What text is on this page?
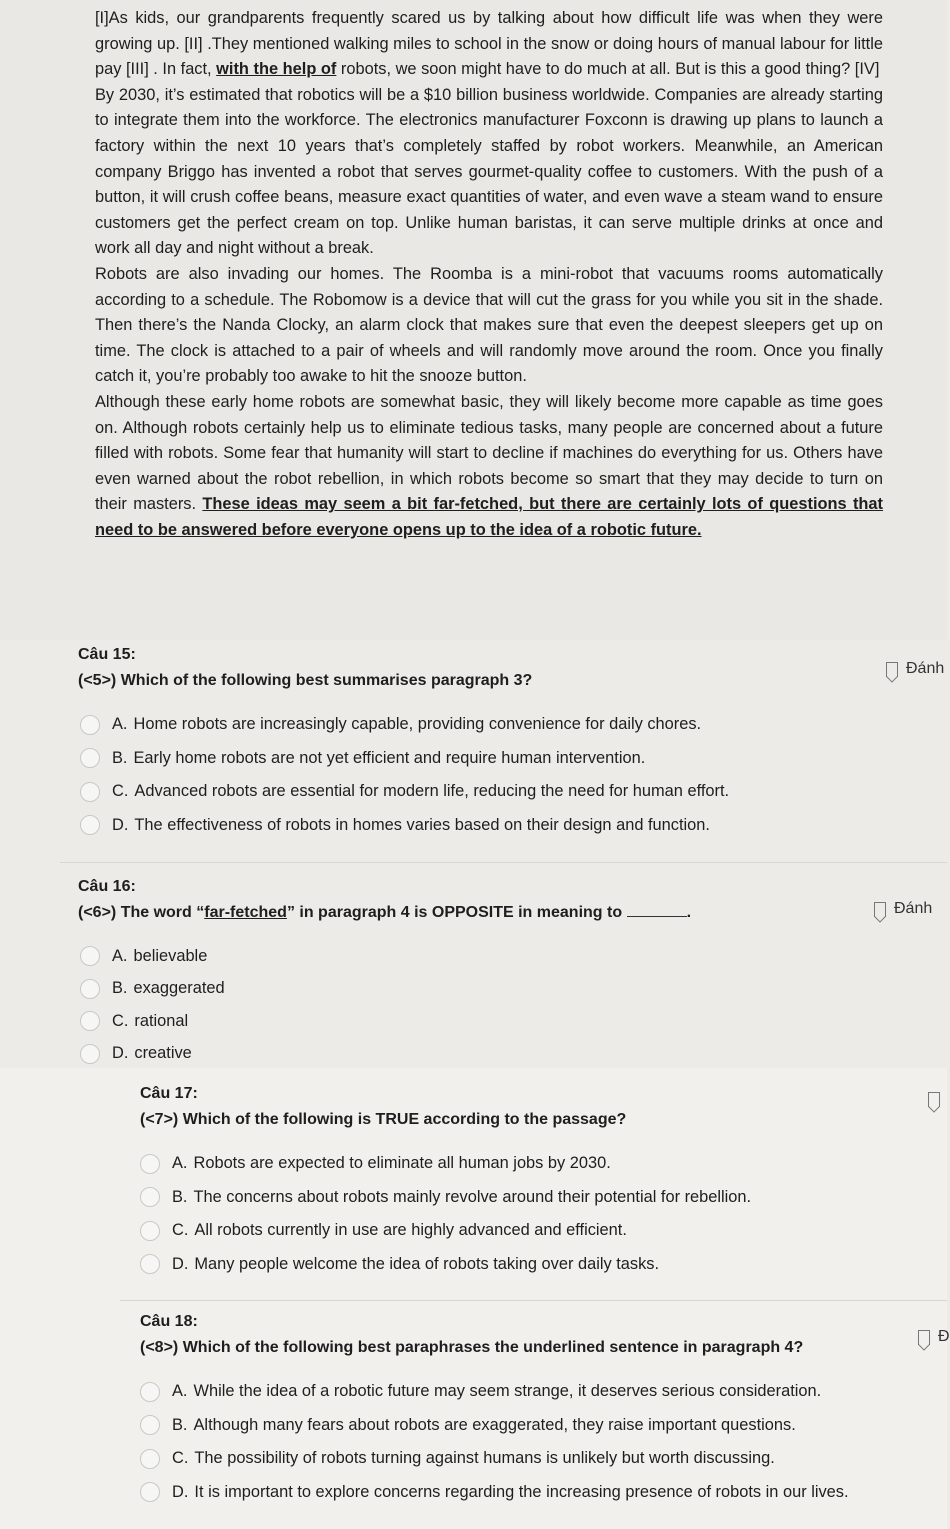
[I]As kids, our grandparents frequently scared us by talking about how difficult life was when they were growing up. [II] .They mentioned walking miles to school in the snow or doing hours of manual labour for little pay [III] . In fact, with the help of robots, we soon might have to do much at all. But is this a good thing? [IV]

By 2030, it’s estimated that robotics will be a $10 billion business worldwide. Companies are already starting to integrate them into the workforce. The electronics manufacturer Foxconn is drawing up plans to launch a factory within the next 10 years that’s completely staffed by robot workers. Meanwhile, an American company Briggo has invented a robot that serves gourmet-quality coffee to customers. With the push of a button, it will crush coffee beans, measure exact quantities of water, and even wave a steam wand to ensure customers get the perfect cream on top. Unlike human baristas, it can serve multiple drinks at once and work all day and night without a break.

Robots are also invading our homes. The Roomba is a mini-robot that vacuums rooms automatically according to a schedule. The Robomow is a device that will cut the grass for you while you sit in the shade. Then there’s the Nanda Clocky, an alarm clock that makes sure that even the deepest sleepers get up on time. The clock is attached to a pair of wheels and will randomly move around the room. Once you finally catch it, you’re probably too awake to hit the snooze button.

Although these early home robots are somewhat basic, they will likely become more capable as time goes on. Although robots certainly help us to eliminate tedious tasks, many people are concerned about a future filled with robots. Some fear that humanity will start to decline if machines do everything for us. Others have even warned about the robot rebellion, in which robots become so smart that they may decide to turn on their masters. These ideas may seem a bit far-fetched, but there are certainly lots of questions that need to be answered before everyone opens up to the idea of a robotic future.

Câu 15:
(<5>) Which of the following best summarises paragraph 3?
A. Home robots are increasingly capable, providing convenience for daily chores.
B. Early home robots are not yet efficient and require human intervention.
C. Advanced robots are essential for modern life, reducing the need for human effort.
D. The effectiveness of robots in homes varies based on their design and function.
Đánh
Câu 16:
(<6>) The word “far-fetched” in paragraph 4 is OPPOSITE in meaning to	.
A. believable
B. exaggerated
C. rational
D. creative
Đánh
Câu 17:
(<7>) Which of the following is TRUE according to the passage?
A. Robots are expected to eliminate all human jobs by 2030.
B. The concerns about robots mainly revolve around their potential for rebellion.
C. All robots currently in use are highly advanced and efficient.
D. Many people welcome the idea of robots taking over daily tasks.
Câu 18:
(<8>) Which of the following best paraphrases the underlined sentence in paragraph 4?
A. While the idea of a robotic future may seem strange, it deserves serious consideration.
B. Although many fears about robots are exaggerated, they raise important questions.
C. The possibility of robots turning against humans is unlikely but worth discussing.
D. It is important to explore concerns regarding the increasing presence of robots in our lives.
Đ
